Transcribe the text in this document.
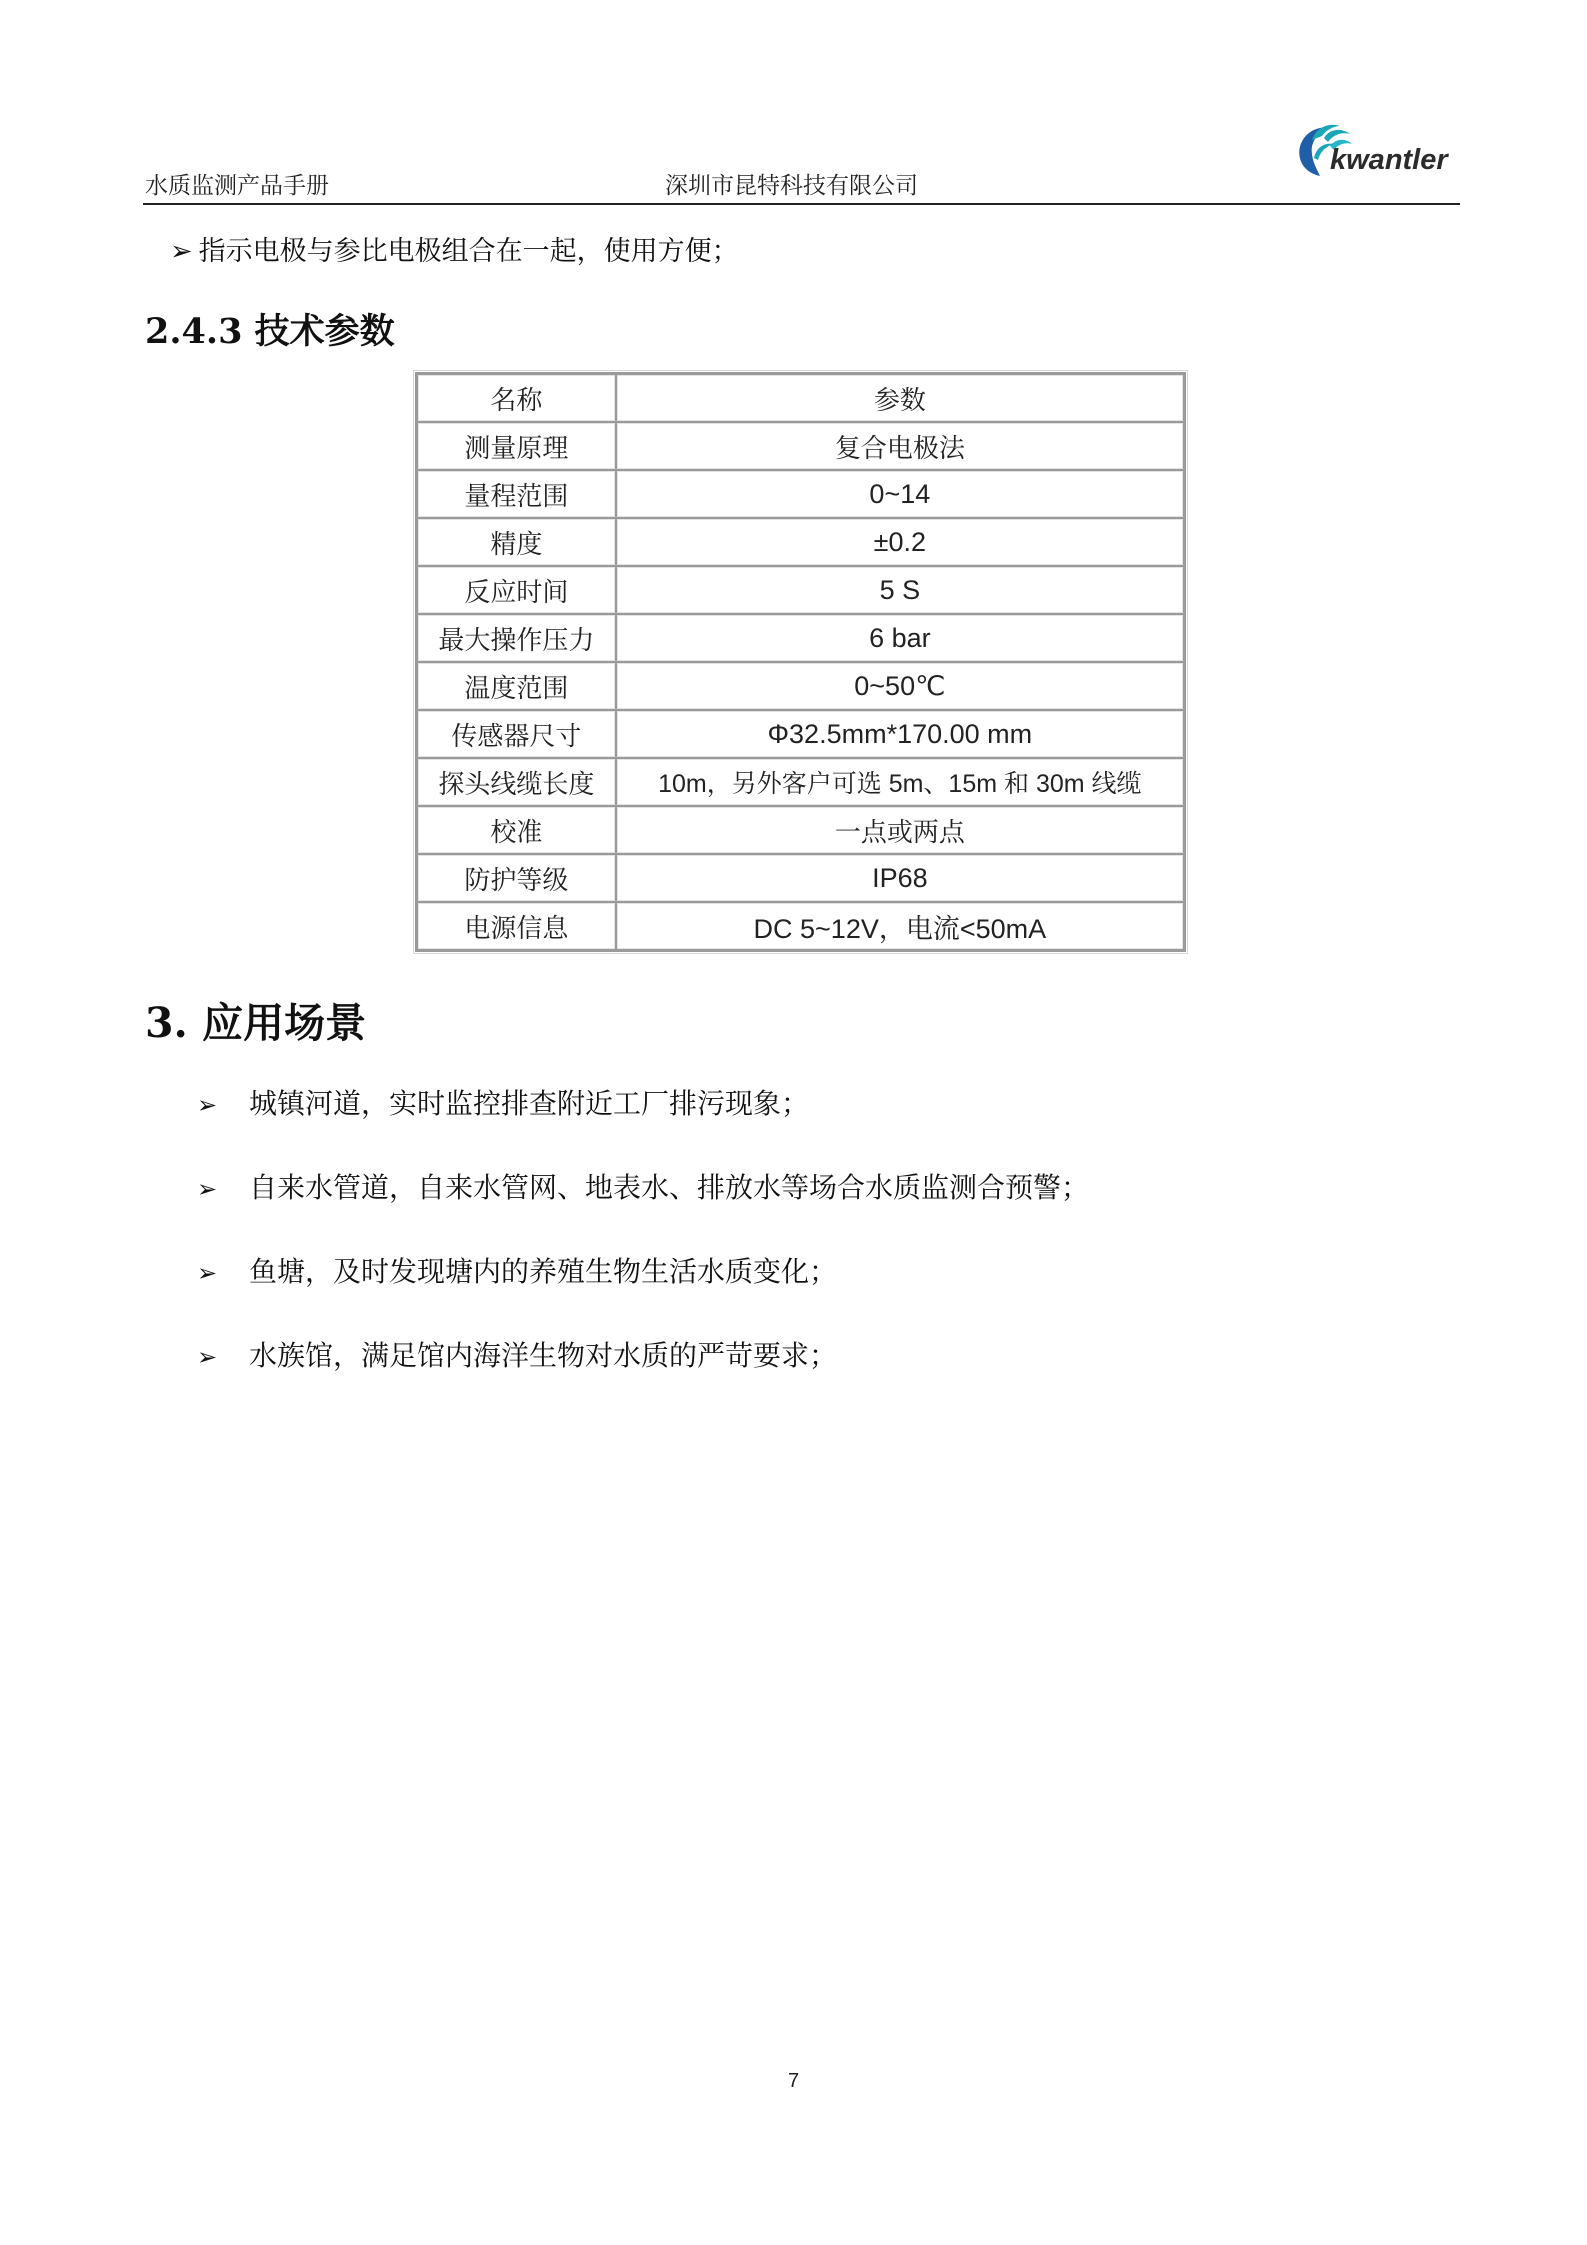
水质监测产品手册	深圳市昆特科技有限公司
kwantler
➢ 指示电极与参比电极组合在一起，使用方便；
2.4.3 技术参数
名称	参数
测量原理	复合电极法
量程范围	0~14
精度	±0.2
反应时间	5 S
最大操作压力	6 bar
温度范围	0~50℃
传感器尺寸	Φ32.5mm*170.00 mm
探头线缆长度	10m，另外客户可选 5m、15m 和 30m 线缆
校准	一点或两点
防护等级	IP68
电源信息	DC 5~12V，电流<50mA
3. 应用场景
➢ 城镇河道，实时监控排查附近工厂排污现象；
➢ 自来水管道，自来水管网、地表水、排放水等场合水质监测合预警；
➢ 鱼塘，及时发现塘内的养殖生物生活水质变化；
➢ 水族馆，满足馆内海洋生物对水质的严苛要求；
7
